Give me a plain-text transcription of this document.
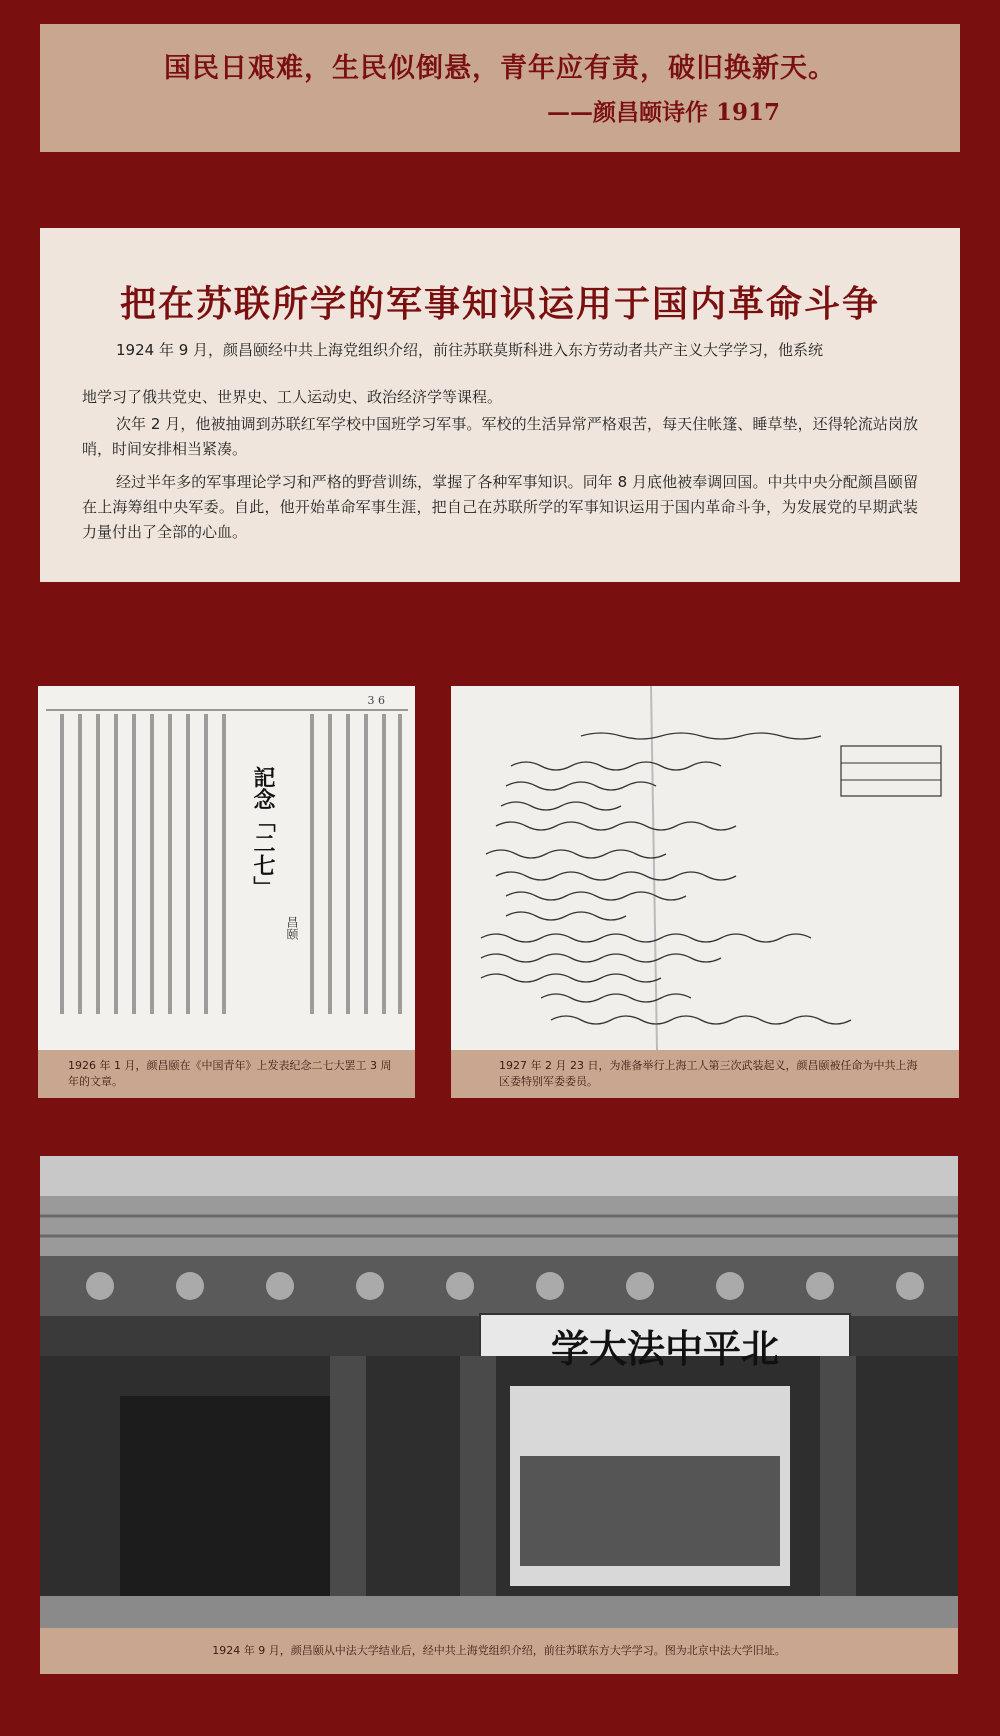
国民日艰难，生民似倒悬，青年应有责，破旧换新天。
——颜昌颐诗作 1917
把在苏联所学的军事知识运用于国内革命斗争
1924 年 9 月，颜昌颐经中共上海党组织介绍，前往苏联莫斯科进入东方劳动者共产主义大学学习，他系统
地学习了俄共党史、世界史、工人运动史、政治经济学等课程。
次年 2 月，他被抽调到苏联红军学校中国班学习军事。军校的生活异常严格艰苦，每天住帐篷、睡草垫，还得轮流站岗放哨，时间安排相当紧凑。
经过半年多的军事理论学习和严格的野营训练，掌握了各种军事知识。同年 8 月底他被奉调回国。中共中央分配颜昌颐留在上海筹组中央军委。自此，他开始革命军事生涯，把自己在苏联所学的军事知识运用于国内革命斗争，为发展党的早期武装力量付出了全部的心血。
3 6
記念「二七」
昌颐
1926 年 1 月，颜昌颐在《中国青年》上发表纪念二七大罢工 3 周年的文章。
1927 年 2 月 23 日，为准备举行上海工人第三次武装起义，颜昌颐被任命为中共上海区委特别军委委员。
北平中法大学
1924 年 9 月，颜昌颐从中法大学结业后，经中共上海党组织介绍，前往苏联东方大学学习。图为北京中法大学旧址。
